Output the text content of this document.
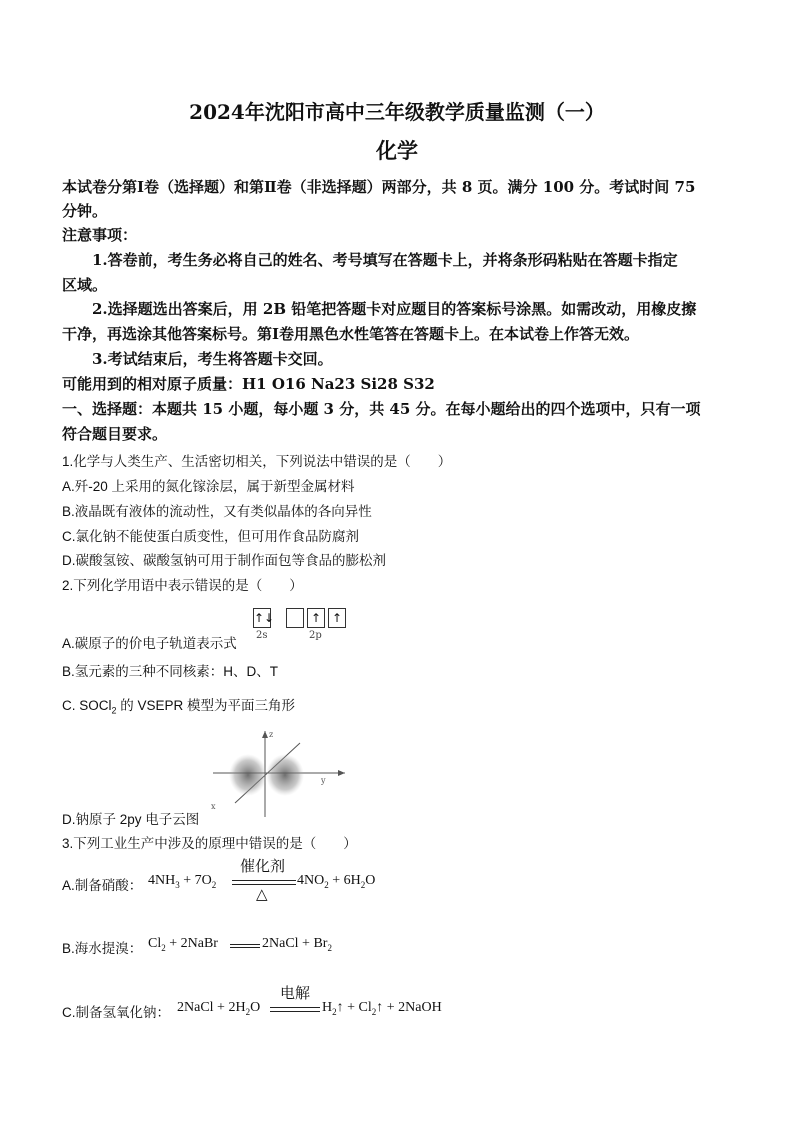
2024年沈阳市高中三年级教学质量监测（一）
化学
本试卷分第Ⅰ卷（选择题）和第Ⅱ卷（非选择题）两部分，共 8 页。满分 100 分。考试时间 75
分钟。
注意事项：
1.答卷前，考生务必将自己的姓名、考号填写在答题卡上，并将条形码粘贴在答题卡指定
区域。
2.选择题选出答案后，用 2B 铅笔把答题卡对应题目的答案标号涂黑。如需改动，用橡皮擦
干净，再选涂其他答案标号。第Ⅰ卷用黑色水性笔答在答题卡上。在本试卷上作答无效。
3.考试结束后，考生将答题卡交回。
可能用到的相对原子质量：H1 O16 Na23 Si28 S32
一、选择题：本题共 15 小题，每小题 3 分，共 45 分。在每小题给出的四个选项中，只有一项
符合题目要求。
1.化学与人类生产、生活密切相关，下列说法中错误的是（　　）
A.歼-20 上采用的氮化镓涂层，属于新型金属材料
B.液晶既有液体的流动性，又有类似晶体的各向异性
C.氯化钠不能使蛋白质变性，但可用作食品防腐剂
D.碳酸氢铵、碳酸氢钠可用于制作面包等食品的膨松剂
2.下列化学用语中表示错误的是（　　）
A.碳原子的价电子轨道表示式
↑↓
2s
↑ ↑
2p
B.氢元素的三种不同核素：H、D、T
C. SOCl$_2$ 的 VSEPR 模型为平面三角形
z
y
x
D.钠原子 2py 电子云图
3.下列工业生产中涉及的原理中错误的是（　　）
A.制备硝酸： $4NH_3 + 7O_2$
催化剂
△
$4NO_2 + 6H_2O$
B.海水提溴： $Cl_2$ + 2NaBr	2NaCl + $Br_2$
C.制备氢氧化钠： 2NaCl + $2H_2O$
电解
$H_2↑$ + $Cl_2↑$ + 2NaOH
